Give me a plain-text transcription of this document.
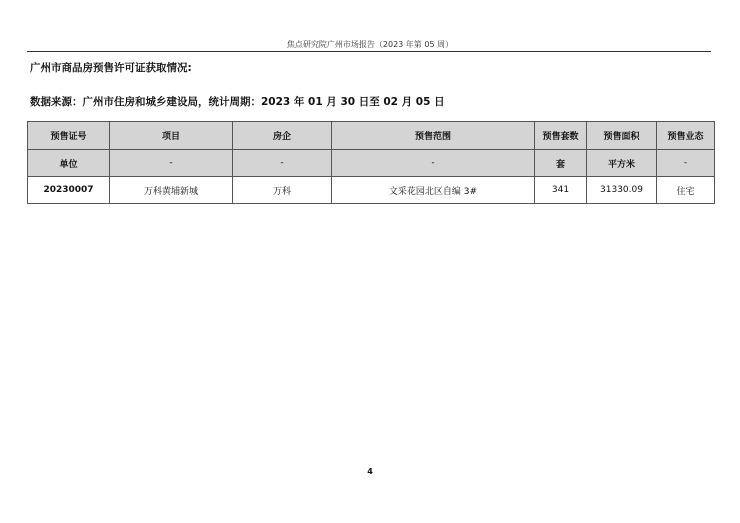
焦点研究院广州市场报告（2023 年第 05 周）
广州市商品房预售许可证获取情况:
数据来源：广州市住房和城乡建设局，统计周期：2023 年 01 月 30 日至 02 月 05 日
预售证号	项目	房企	预售范围	预售套数	预售面积	预售业态
单位	-	-	-	套	平方米	-
20230007	万科黄埔新城	万科	文采花园北区自编 3#	341	31330.09	住宅
4
